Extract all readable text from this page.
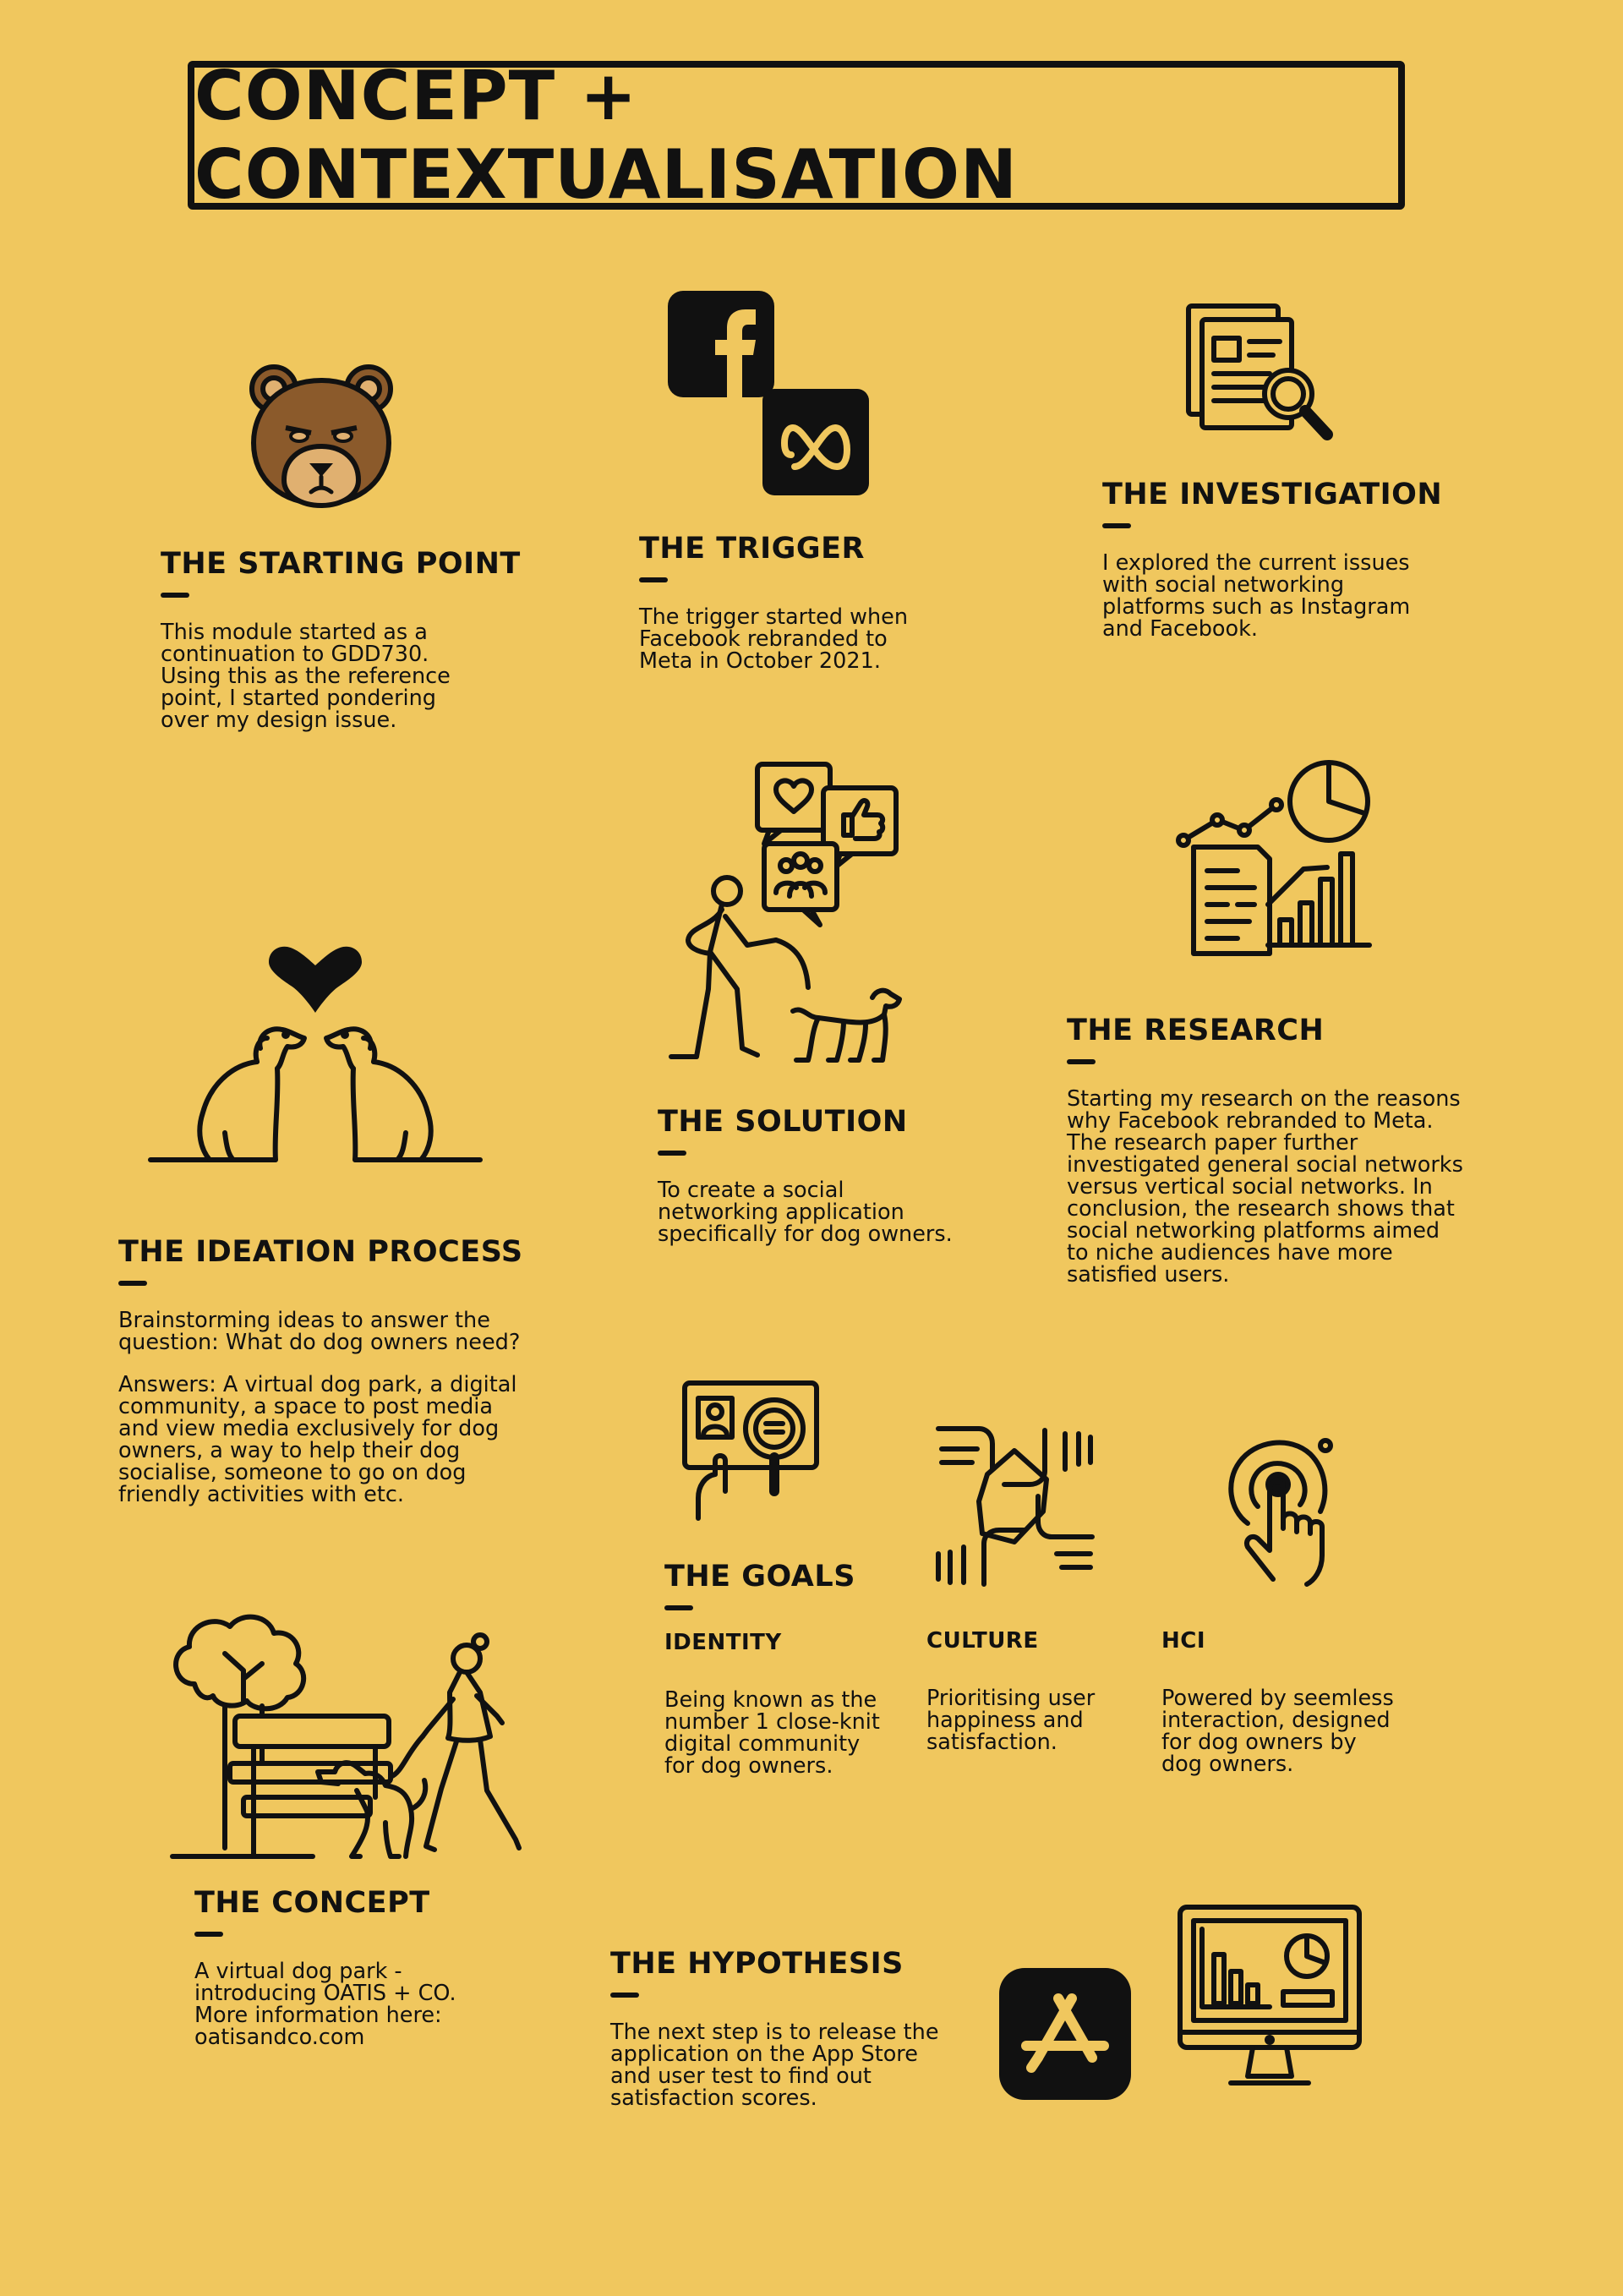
CONCEPT + CONTEXTUALISATION
THE STARTING POINT

This module started as a
continuation to GDD730.
Using this as the reference
point, I started pondering
over my design issue.

THE TRIGGER

The trigger started when
Facebook rebranded to
Meta in October 2021.

THE INVESTIGATION

I explored the current issues
with social networking
platforms such as Instagram
and Facebook.

THE SOLUTION

To create a social
networking application
specifically for dog owners.

THE RESEARCH

Starting my research on the reasons
why Facebook rebranded to Meta.
The research paper further
investigated general social networks
versus vertical social networks. In
conclusion, the research shows that
social networking platforms aimed
to niche audiences have more
satisfied users.

THE IDEATION PROCESS

Brainstorming ideas to answer the
question: What do dog owners need?

Answers: A virtual dog park, a digital
community, a space to post media
and view media exclusively for dog
owners, a way to help their dog
socialise, someone to go on dog
friendly activities with etc.

THE GOALS
IDENTITY

Being known as the
number 1 close-knit
digital community
for dog owners.

CULTURE

Prioritising user
happiness and
satisfaction.

HCI

Powered by seemless
interaction, designed
for dog owners by
dog owners.

THE CONCEPT

A virtual dog park -
introducing OATIS + CO.
More information here:
oatisandco.com

THE HYPOTHESIS

The next step is to release the
application on the App Store
and user test to find out
satisfaction scores.
